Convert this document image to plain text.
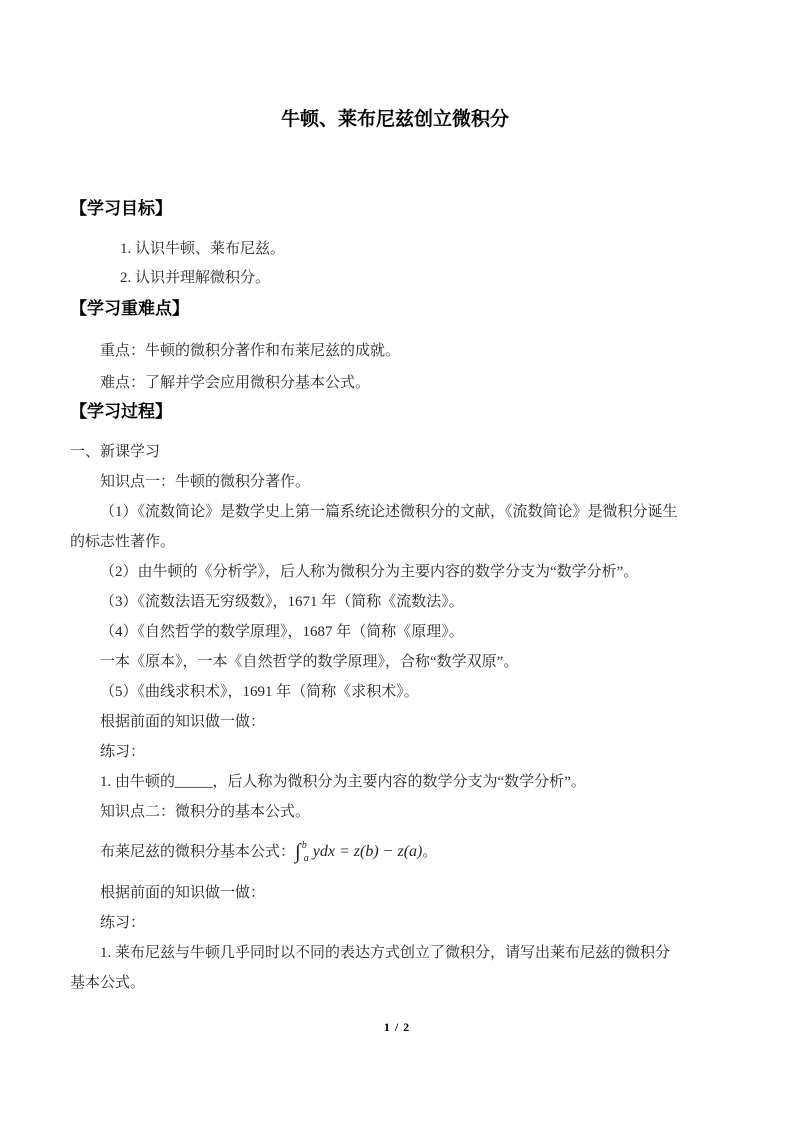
牛顿、莱布尼兹创立微积分
【学习目标】

1. 认识牛顿、莱布尼兹。

2. 认识并理解微积分。

【学习重难点】

重点：牛顿的微积分著作和布莱尼兹的成就。

难点：了解并学会应用微积分基本公式。

【学习过程】

一、新课学习

知识点一：牛顿的微积分著作。

（1）《流数简论》是数学史上第一篇系统论述微积分的文献，《流数简论》是微积分诞生

的标志性著作。

（2）由牛顿的《分析学》，后人称为微积分为主要内容的数学分支为“数学分析”。

（3）《流数法语无穷级数》，1671 年（简称《流数法》。

（4）《自然哲学的数学原理》，1687 年（简称《原理》。

一本《原本》，一本《自然哲学的数学原理》，合称“数学双原”。

（5）《曲线求积术》，1691 年（简称《求积术》。

根据前面的知识做一做：

练习：

1. 由牛顿的_____，后人称为微积分为主要内容的数学分支为“数学分析”。

知识点二：微积分的基本公式。

布莱尼兹的微积分基本公式：∫$^b_a$ ydx = z(b) − z(a)。

根据前面的知识做一做：

练习：

1. 莱布尼兹与牛顿几乎同时以不同的表达方式创立了微积分，请写出莱布尼兹的微积分

基本公式。

1 / 2
